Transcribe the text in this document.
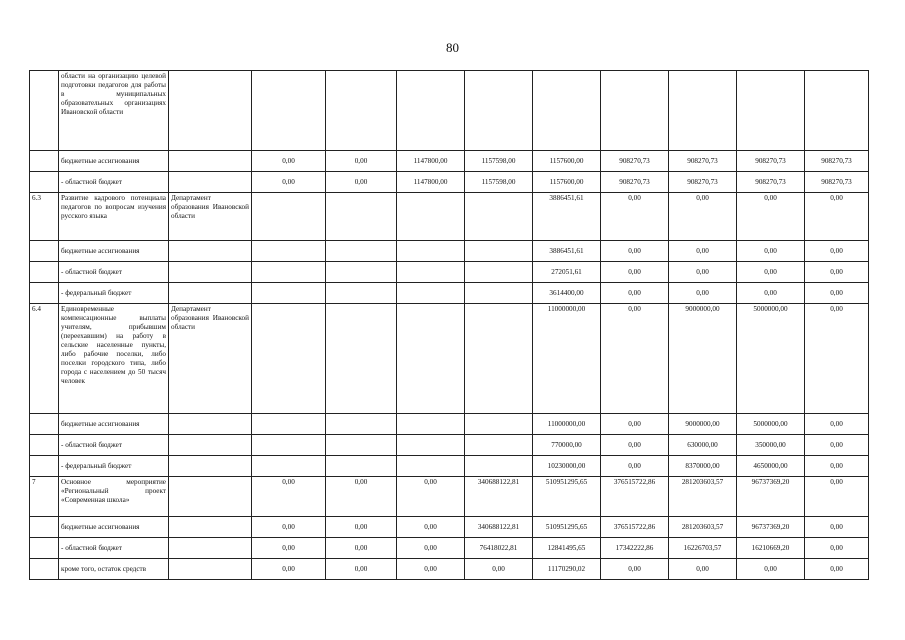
80
	области на организацию целевой подготовки педагогов для работы в муниципальных образовательных организациях Ивановской области										
	бюджетные ассигнования		0,00	0,00	1147800,00	1157598,00	1157600,00	908270,73	908270,73	908270,73	908270,73
	- областной бюджет		0,00	0,00	1147800,00	1157598,00	1157600,00	908270,73	908270,73	908270,73	908270,73
6.3	Развитие кадрового потенциала педагогов по вопросам изучения русского языка	Департамент образования Ивановской области					3886451,61	0,00	0,00	0,00	0,00
	бюджетные ассигнования						3886451,61	0,00	0,00	0,00	0,00
	- областной бюджет						272051,61	0,00	0,00	0,00	0,00
	- федеральный бюджет						3614400,00	0,00	0,00	0,00	0,00
6.4	Единовременные компенсационные выплаты учителям, прибывшим (переехавшим) на работу в сельские населенные пункты, либо рабочие поселки, либо поселки городского типа, либо города с населением до 50 тысяч человек	Департамент образования Ивановской области					11000000,00	0,00	9000000,00	5000000,00	0,00
	бюджетные ассигнования						11000000,00	0,00	9000000,00	5000000,00	0,00
	- областной бюджет						770000,00	0,00	630000,00	350000,00	0,00
	- федеральный бюджет						10230000,00	0,00	8370000,00	4650000,00	0,00
7	Основное мероприятие «Региональный проект «Современная школа»		0,00	0,00	0,00	340688122,81	510951295,65	376515722,86	281203603,57	96737369,20	0,00
	бюджетные ассигнования		0,00	0,00	0,00	340688122,81	510951295,65	376515722,86	281203603,57	96737369,20	0,00
	- областной бюджет		0,00	0,00	0,00	76418022,81	12841495,65	17342222,86	16226703,57	16210669,20	0,00
	кроме того, остаток средств		0,00	0,00	0,00	0,00	11170290,02	0,00	0,00	0,00	0,00
